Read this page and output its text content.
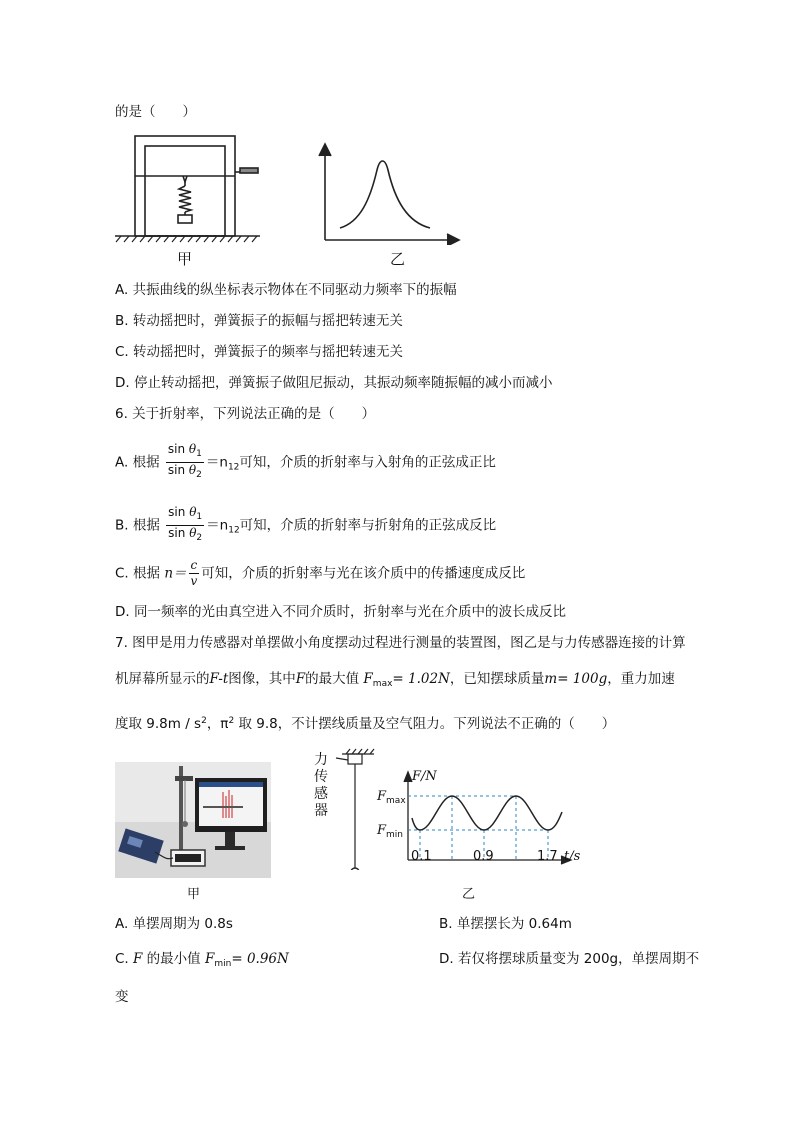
的是（　　）
甲	乙
A. 共振曲线的纵坐标表示物体在不同驱动力频率下的振幅
B. 转动摇把时，弹簧振子的振幅与摇把转速无关
C. 转动摇把时，弹簧振子的频率与摇把转速无关
D. 停止转动摇把，弹簧振子做阻尼振动，其振动频率随振幅的减小而减小
6. 关于折射率，下列说法正确的是（　　）
A. 根据 $\frac{\sin \theta_1}{\sin \theta_2} =n_{12}$可知，介质的折射率与入射角的正弦成正比
B. 根据 $\frac{\sin \theta_1}{\sin \theta_2} =n_{12}$可知，介质的折射率与折射角的正弦成反比
C. 根据 $n= \frac{c}{v}$ 可知，介质的折射率与光在该介质中的传播速度成反比
D. 同一频率的光由真空进入不同介质时，折射率与光在介质中的波长成反比
7. 图甲是用力传感器对单摆做小角度摆动过程进行测量的装置图，图乙是与力传感器连接的计算
机屏幕所显示的F-t图像，其中F的最大值 $F_{max}= 1.02N$，已知摆球质量m= 100g，重力加速
度取 $9.8m / s^2$，$\pi^2$ 取 9.8，不计摆线质量及空气阻力。下列说法不正确的（　　）
甲
力
传
感
器
F/N
t/s
$F_{max}$
$F_{min}$
0.1	0.9	1.7
乙
A. 单摆周期为 0.8s	B. 单摆摆长为 0.64m
C. F 的最小值 $F_{min}= 0.96N$	D. 若仅将摆球质量变为 200g，单摆周期不
变
